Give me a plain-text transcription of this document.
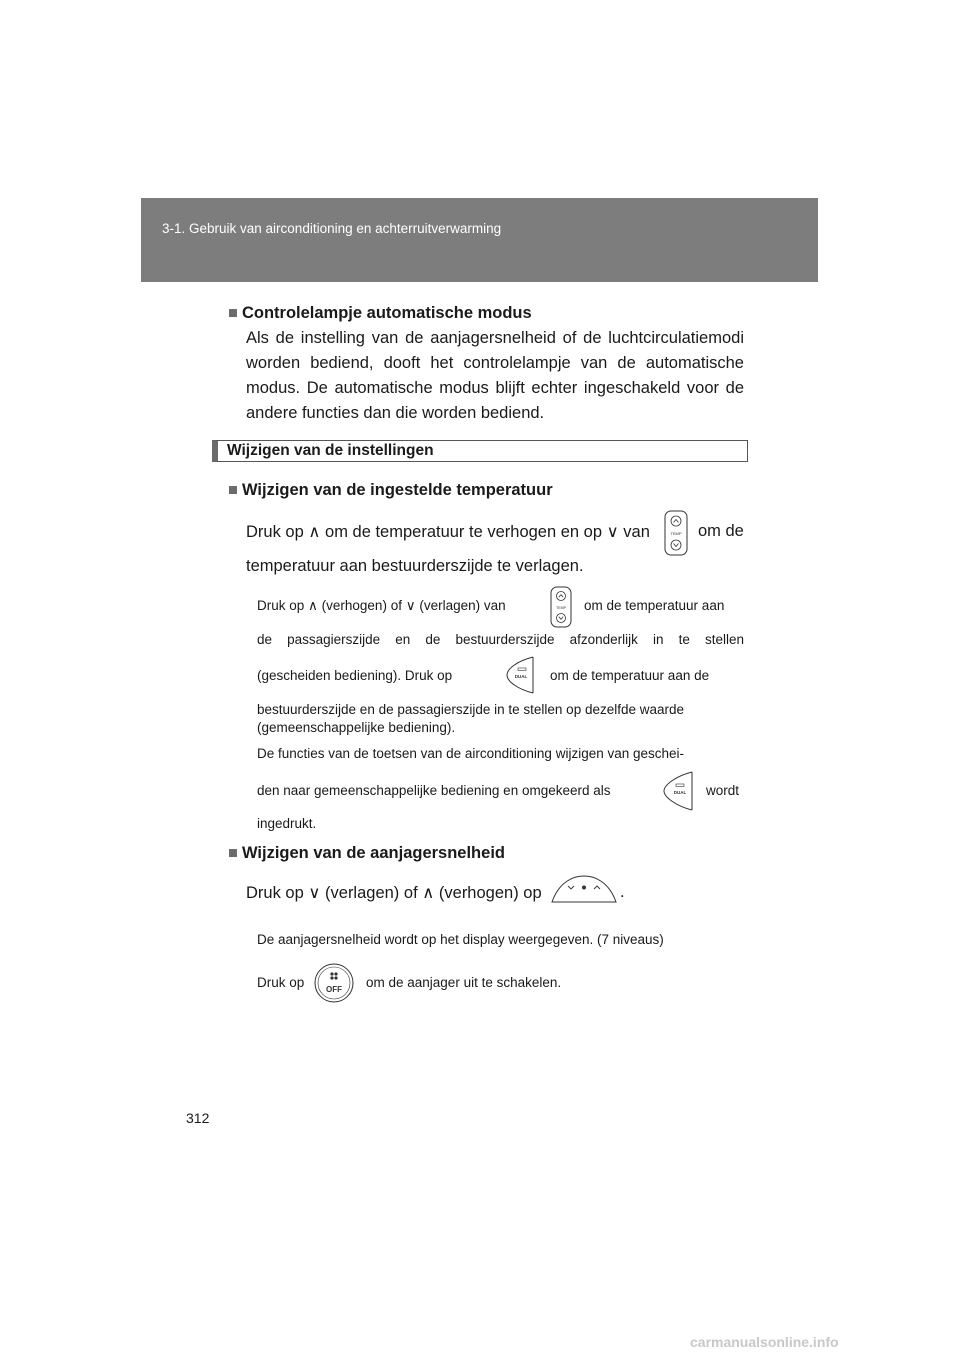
3-1. Gebruik van airconditioning en achterruitverwarming
■ Controlelampje automatische modus
Als de instelling van de aanjagersnelheid of de luchtcirculatiemodi
worden bediend, dooft het controlelampje van de automatische
modus. De automatische modus blijft echter ingeschakeld voor de
andere functies dan die worden bediend.
Wijzigen van de instellingen
■ Wijzigen van de ingestelde temperatuur
Druk op ∧ om de temperatuur te verhogen en op ∨ van	TEMP om de
temperatuur aan bestuurderszijde te verlagen.
Druk op ∧ (verhogen) of ∨ (verlagen) van	TEMP om de temperatuur aan
de passagierszijde en de bestuurderszijde afzonderlijk in te stellen
(gescheiden bediening). Druk op	DUAL om de temperatuur aan de
bestuurderszijde en de passagierszijde in te stellen op dezelfde waarde
(gemeenschappelijke bediening).
De functies van de toetsen van de airconditioning wijzigen van geschei-
den naar gemeenschappelijke bediening en omgekeerd als	DUAL wordt
ingedrukt.
■ Wijzigen van de aanjagersnelheid
Druk op ∨ (verlagen) of ∧ (verhogen) op	.
De aanjagersnelheid wordt op het display weergegeven. (7 niveaus)
Druk op	OFF om de aanjager uit te schakelen.
312
carmanualsonline.info
